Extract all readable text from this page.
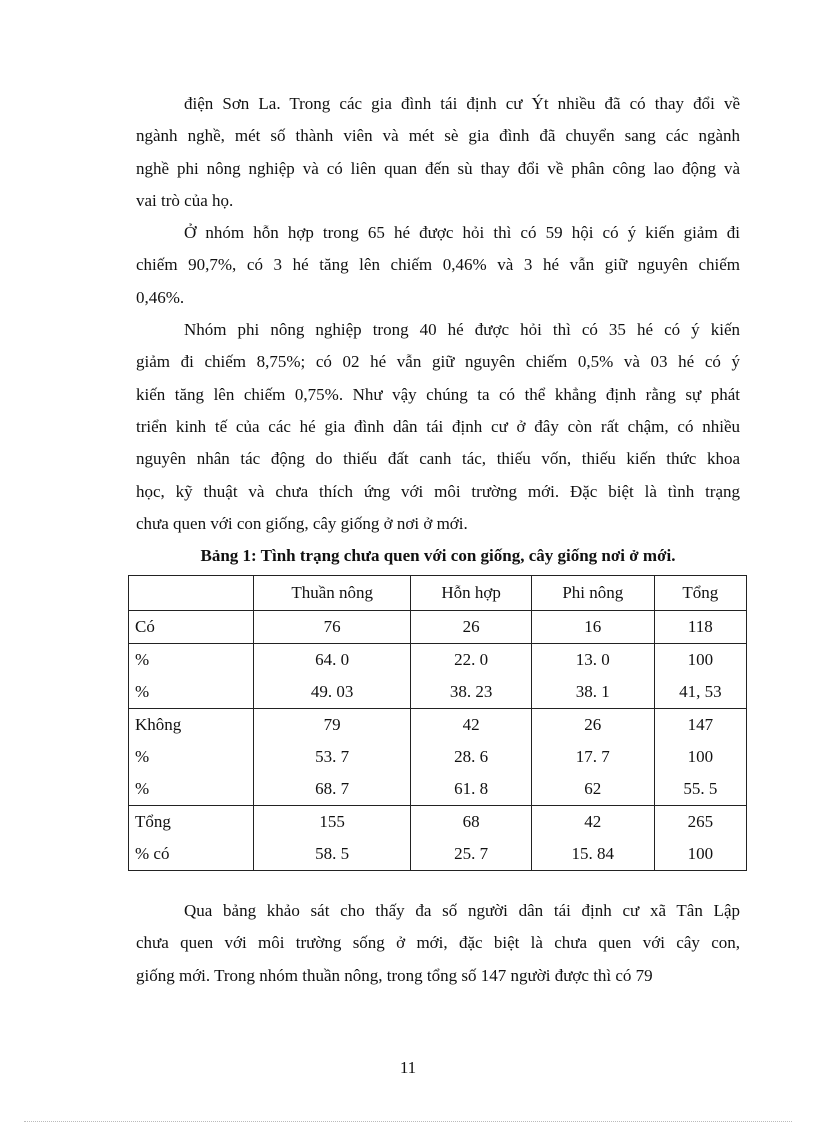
điện Sơn La. Trong các gia đình tái định cư Ýt nhiều đã có thay đổi về
ngành nghề, mét số thành viên và mét sè gia đình đã chuyển sang các ngành
nghề phi nông nghiệp và có liên quan đến sù thay đổi về phân công lao động và
vai trò của họ.
Ở nhóm hỗn hợp trong 65 hé được hỏi thì có 59 hội có ý kiến giảm đi
chiếm 90,7%, có 3 hé tăng lên chiếm 0,46% và 3 hé vẫn giữ nguyên chiếm
0,46%.
Nhóm phi nông nghiệp trong 40 hé được hỏi thì có 35 hé có ý kiến
giảm đi chiếm 8,75%; có 02 hé vẫn giữ nguyên chiếm 0,5% và 03 hé có ý
kiến tăng lên chiếm 0,75%. Như vậy chúng ta có thể khẳng định rằng sự phát
triển kinh tế của các hé gia đình dân tái định cư ở đây còn rất chậm, có nhiều
nguyên nhân tác động do thiếu đất canh tác, thiếu vốn, thiếu kiến thức khoa
học, kỹ thuật và chưa thích ứng với môi trường mới. Đặc biệt là tình trạng
chưa quen với con giống, cây giống ở nơi ở mới.
Bảng 1: Tình trạng chưa quen với con giống, cây giống nơi ở mới.
	Thuần nông	Hỗn hợp	Phi nông	Tổng
Có	76	26	16	118
%	64. 0	22. 0	13. 0	100
%	49. 03	38. 23	38. 1	41, 53
Không	79	42	26	147
%	53. 7	28. 6	17. 7	100
%	68. 7	61. 8	62	55. 5
Tổng	155	68	42	265
% có	58. 5	25. 7	15. 84	100
Qua bảng khảo sát cho thấy đa số người dân tái định cư xã Tân Lập
chưa quen với môi trường sống ở mới, đặc biệt là chưa quen với cây con,
giống mới. Trong nhóm thuần nông, trong tổng số 147 người được thì có 79
11
